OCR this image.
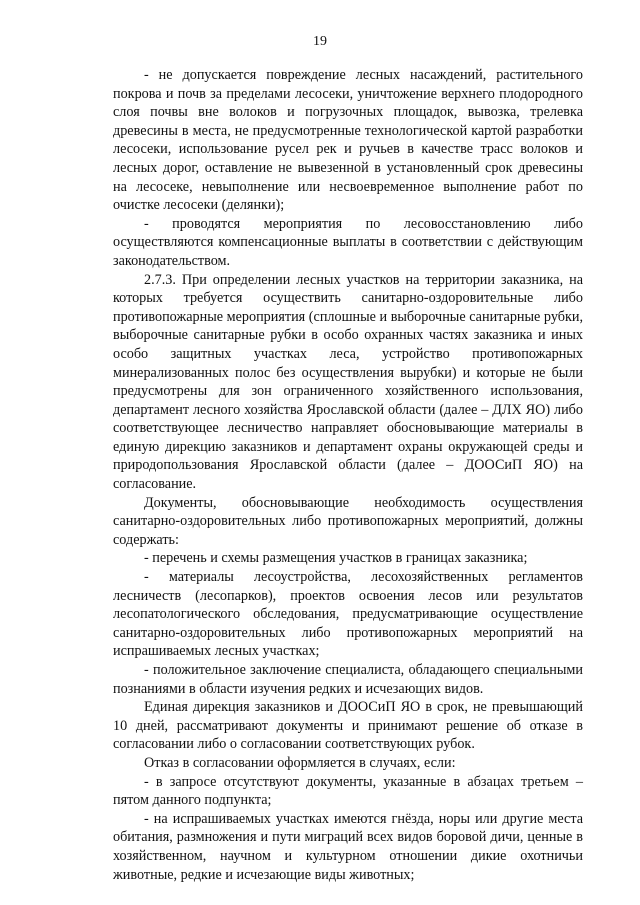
19

- не допускается повреждение лесных насаждений, растительного покрова и почв за пределами лесосеки, уничтожение верхнего плодородного слоя почвы вне волоков и погрузочных площадок, вывозка, трелевка древесины в места, не предусмотренные технологической картой разработки лесосеки, использование русел рек и ручьев в качестве трасс волоков и лесных дорог, оставление не вывезенной в установленный срок древесины на лесосеке, невыполнение или несвоевременное выполнение работ по очистке лесосеки (делянки);

- проводятся мероприятия по лесовосстановлению либо осуществляются компенсационные выплаты в соответствии с действующим законодательством.

2.7.3. При определении лесных участков на территории заказника, на которых требуется осуществить санитарно-оздоровительные либо противопожарные мероприятия (сплошные и выборочные санитарные рубки, выборочные санитарные рубки в особо охранных частях заказника и иных особо защитных участках леса, устройство противопожарных минерализованных полос без осуществления вырубки) и которые не были предусмотрены для зон ограниченного хозяйственного использования, департамент лесного хозяйства Ярославской области (далее – ДЛХ ЯО) либо соответствующее лесничество направляет обосновывающие материалы в единую дирекцию заказников и департамент охраны окружающей среды и природопользования Ярославской области (далее – ДООСиП ЯО) на согласование.

Документы, обосновывающие необходимость осуществления санитарно-оздоровительных либо противопожарных мероприятий, должны содержать:

- перечень и схемы размещения участков в границах заказника;

- материалы лесоустройства, лесохозяйственных регламентов лесничеств (лесопарков), проектов освоения лесов или результатов лесопатологического обследования, предусматривающие осуществление санитарно-оздоровительных либо противопожарных мероприятий на испрашиваемых лесных участках;

- положительное заключение специалиста, обладающего специальными познаниями в области изучения редких и исчезающих видов.

Единая дирекция заказников и ДООСиП ЯО в срок, не превышающий 10 дней, рассматривают документы и принимают решение об отказе в согласовании либо о согласовании соответствующих рубок.

Отказ в согласовании оформляется в случаях, если:

- в запросе отсутствуют документы, указанные в абзацах третьем – пятом данного подпункта;

- на испрашиваемых участках имеются гнёзда, норы или другие места обитания, размножения и пути миграций всех видов боровой дичи, ценные в хозяйственном, научном и культурном отношении дикие охотничьи животные, редкие и исчезающие виды животных;
